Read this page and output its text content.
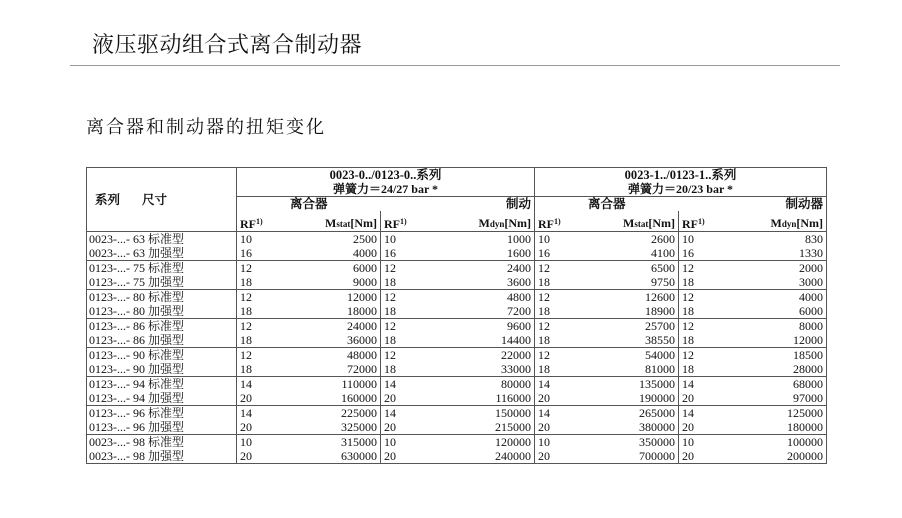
液压驱动组合式离合制动器
离合器和制动器的扭矩变化
系列 尺寸	0023-0../0123-0..系列				0023-1../0123-1..系列			
	弹簧力＝24/27 bar *				弹簧力＝20/23 bar *			
	离合器		制动		离合器		制动器	
	RF$^{1)}$	Mstat[Nm]	RF$^{1)}$	Mdyn[Nm]	RF$^{1)}$	Mstat[Nm]	RF$^{1)}$	Mdyn[Nm]
0023-...- 63 标准型	10	2500	10	1000	10	2600	10	830
0023-...- 63 加强型	16	4000	16	1600	16	4100	16	1330
0123-...- 75 标准型	12	6000	12	2400	12	6500	12	2000
0123-...- 75 加强型	18	9000	18	3600	18	9750	18	3000
0123-...- 80 标准型	12	12000	12	4800	12	12600	12	4000
0123-...- 80 加强型	18	18000	18	7200	18	18900	18	6000
0123-...- 86 标准型	12	24000	12	9600	12	25700	12	8000
0123-...- 86 加强型	18	36000	18	14400	18	38550	18	12000
0123-...- 90 标准型	12	48000	12	22000	12	54000	12	18500
0123-...- 90 加强型	18	72000	18	33000	18	81000	18	28000
0123-...- 94 标准型	14	110000	14	80000	14	135000	14	68000
0123-...- 94 加强型	20	160000	20	116000	20	190000	20	97000
0123-...- 96 标准型	14	225000	14	150000	14	265000	14	125000
0123-...- 96 加强型	20	325000	20	215000	20	380000	20	180000
0023-...- 98 标准型	10	315000	10	120000	10	350000	10	100000
0023-...- 98 加强型	20	630000	20	240000	20	700000	20	200000
